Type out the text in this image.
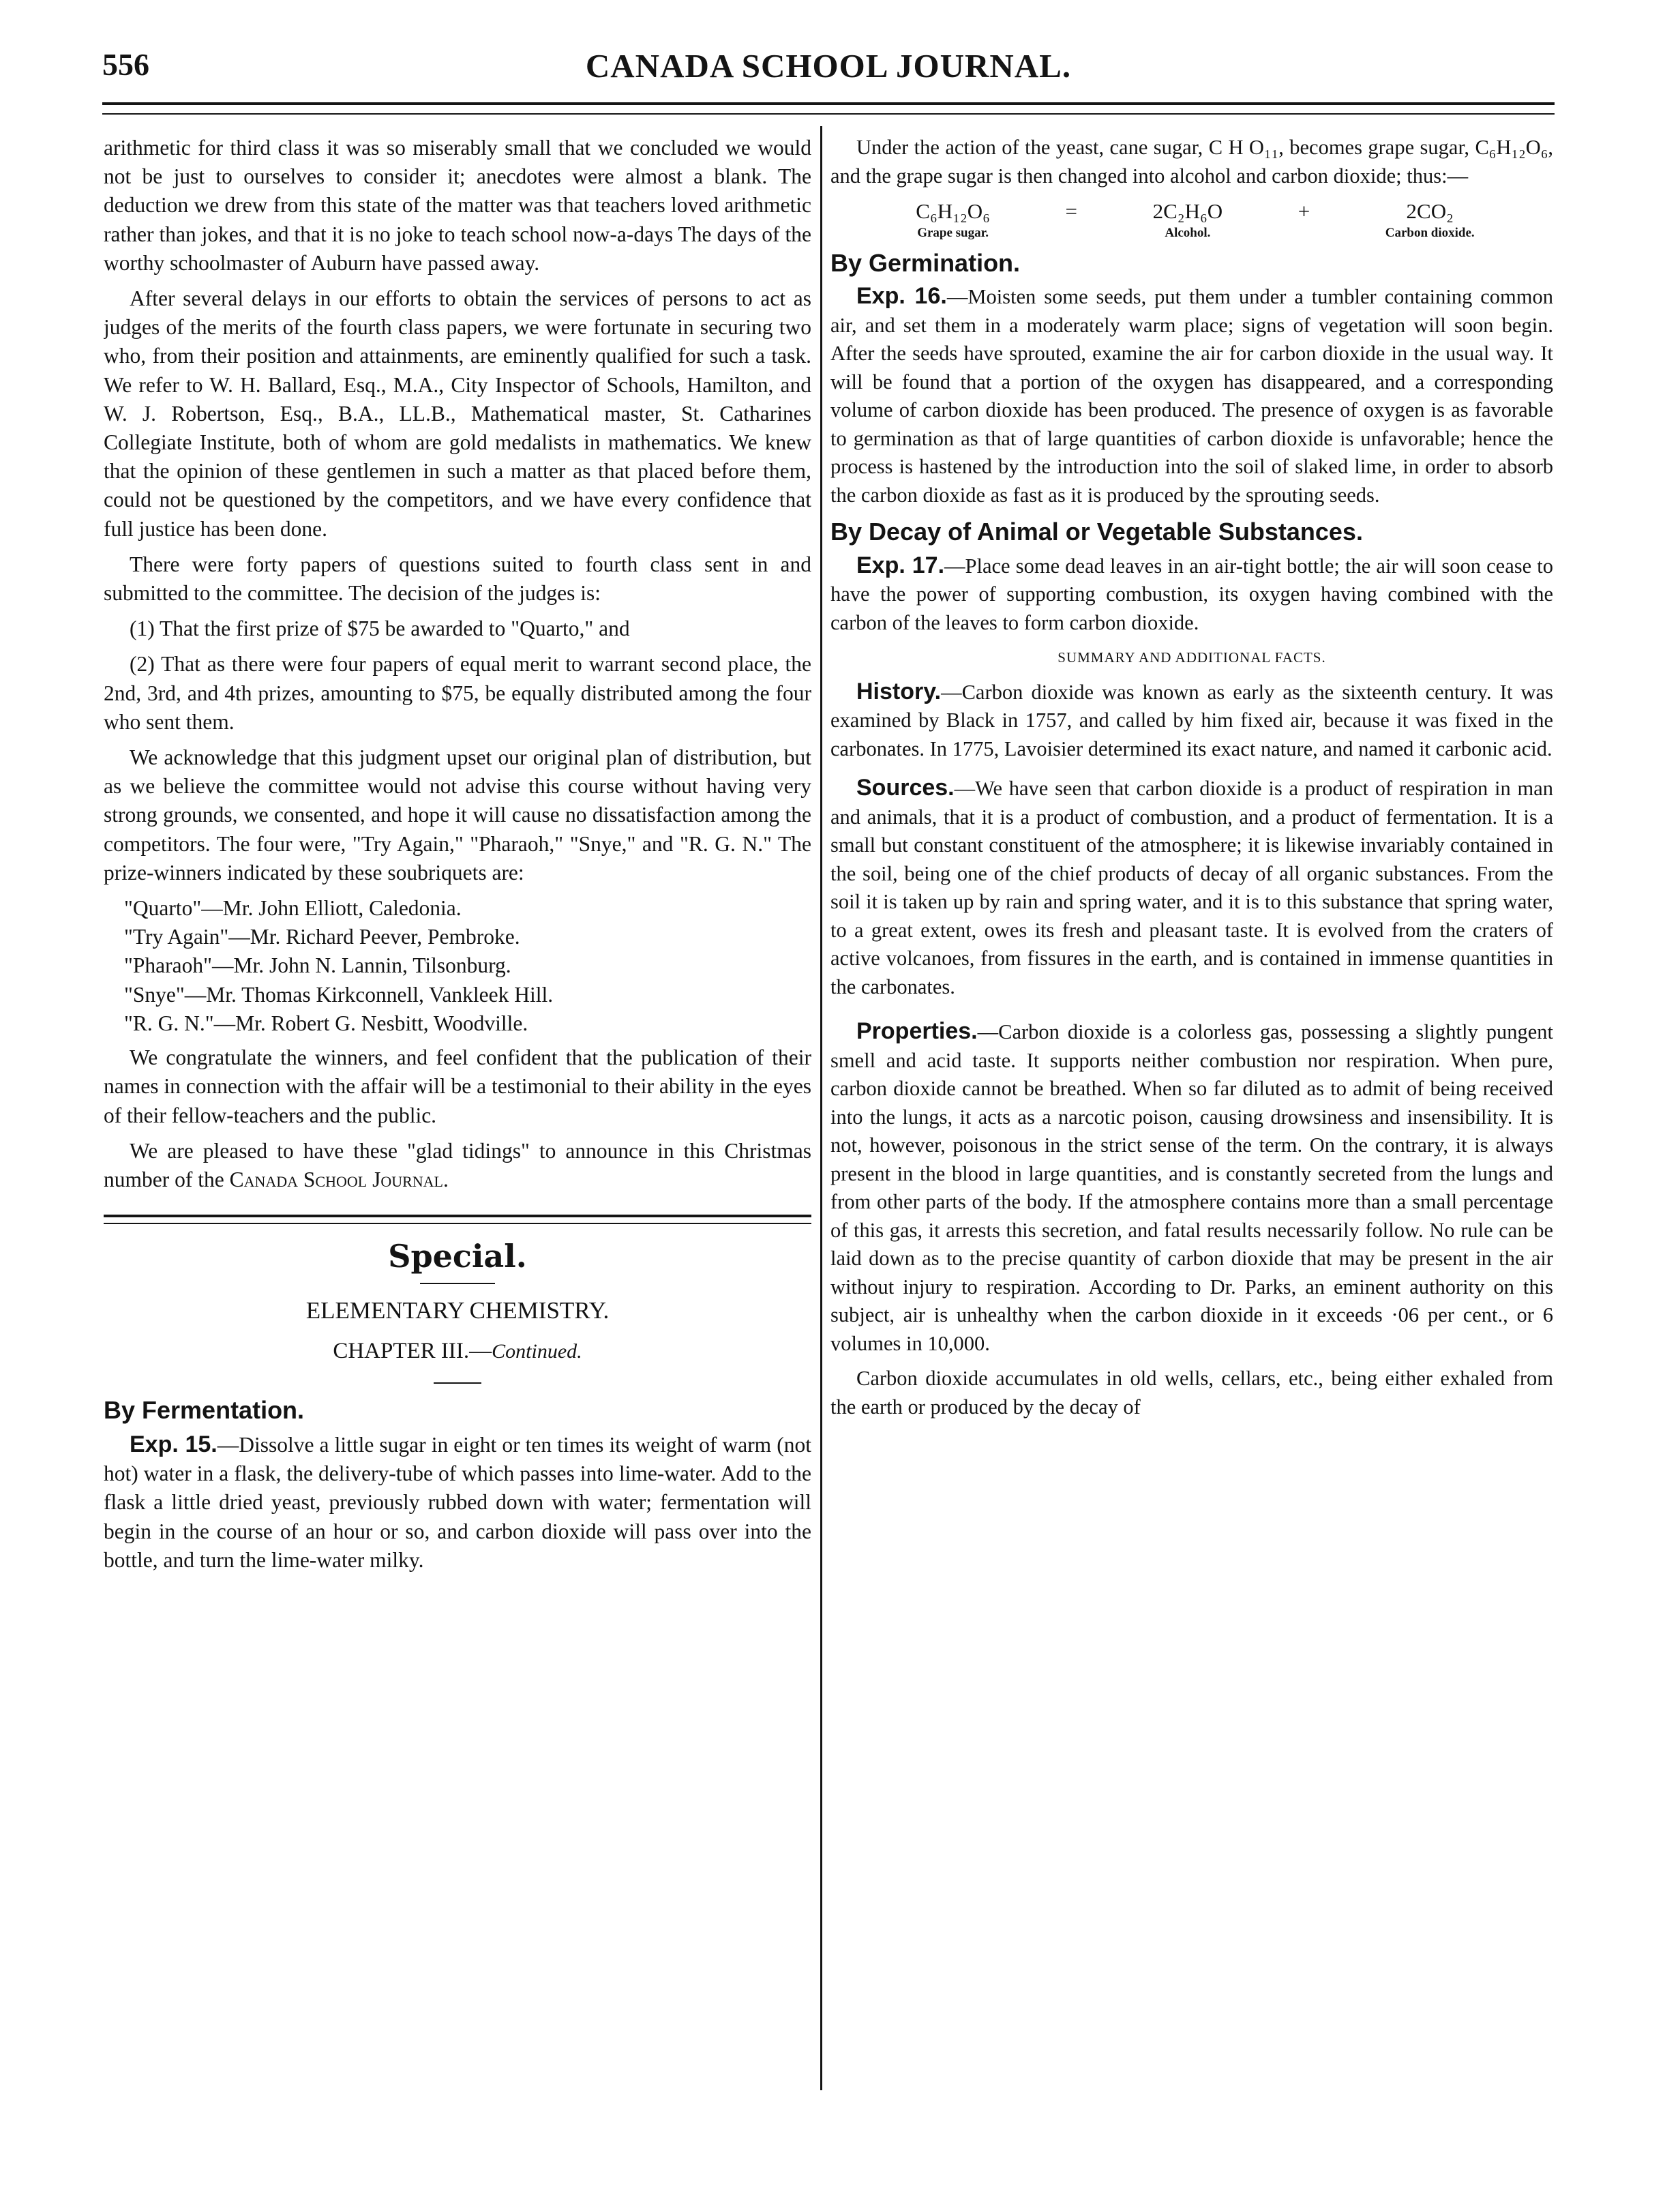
556	CANADA SCHOOL JOURNAL.

arithmetic for third class it was so miserably small that we concluded we would not be just to ourselves to consider it; anecdotes were almost a blank. The deduction we drew from this state of the matter was that teachers loved arithmetic rather than jokes, and that it is no joke to teach school now-a-days The days of the worthy schoolmaster of Auburn have passed away.

After several delays in our efforts to obtain the services of persons to act as judges of the merits of the fourth class papers, we were fortunate in securing two who, from their position and attainments, are eminently qualified for such a task. We refer to W. H. Ballard, Esq., M.A., City Inspector of Schools, Hamilton, and W. J. Robertson, Esq., B.A., LL.B., Mathematical master, St. Catharines Collegiate Institute, both of whom are gold medalists in mathematics. We knew that the opinion of these gentlemen in such a matter as that placed before them, could not be questioned by the competitors, and we have every confidence that full justice has been done.

There were forty papers of questions suited to fourth class sent in and submitted to the committee. The decision of the judges is:

(1) That the first prize of $75 be awarded to "Quarto," and

(2) That as there were four papers of equal merit to warrant second place, the 2nd, 3rd, and 4th prizes, amounting to $75, be equally distributed among the four who sent them.

We acknowledge that this judgment upset our original plan of distribution, but as we believe the committee would not advise this course without having very strong grounds, we consented, and hope it will cause no dissatisfaction among the competitors. The four were, "Try Again," "Pharaoh," "Snye," and "R. G. N." The prize-winners indicated by these soubriquets are:

"Quarto"—Mr. John Elliott, Caledonia.
"Try Again"—Mr. Richard Peever, Pembroke.
"Pharaoh"—Mr. John N. Lannin, Tilsonburg.
"Snye"—Mr. Thomas Kirkconnell, Vankleek Hill.
"R. G. N."—Mr. Robert G. Nesbitt, Woodville.

We congratulate the winners, and feel confident that the publication of their names in connection with the affair will be a testimonial to their ability in the eyes of their fellow-teachers and the public.

We are pleased to have these "glad tidings" to announce in this Christmas number of the Canada School Journal.

Special.
ELEMENTARY CHEMISTRY.
CHAPTER III.—Continued.
By Fermentation.

Exp. 15.—Dissolve a little sugar in eight or ten times its weight of warm (not hot) water in a flask, the delivery-tube of which passes into lime-water. Add to the flask a little dried yeast, previously rubbed down with water; fermentation will begin in the course of an hour or so, and carbon dioxide will pass over into the bottle, and turn the lime-water milky.

Under the action of the yeast, cane sugar, C H O₁₁, becomes grape sugar, C₆H₁₂O₆, and the grape sugar is then changed into alcohol and carbon dioxide; thus:—

C₆H₁₂O₆
Grape sugar.
=	2C₂H₆O
Alcohol.
+	2CO₂
Carbon dioxide.
By Germination.

Exp. 16.—Moisten some seeds, put them under a tumbler containing common air, and set them in a moderately warm place; signs of vegetation will soon begin. After the seeds have sprouted, examine the air for carbon dioxide in the usual way. It will be found that a portion of the oxygen has disappeared, and a corresponding volume of carbon dioxide has been produced. The presence of oxygen is as favorable to germination as that of large quantities of carbon dioxide is unfavorable; hence the process is hastened by the introduction into the soil of slaked lime, in order to absorb the carbon dioxide as fast as it is produced by the sprouting seeds.

By Decay of Animal or Vegetable Substances.

Exp. 17.—Place some dead leaves in an air-tight bottle; the air will soon cease to have the power of supporting combustion, its oxygen having combined with the carbon of the leaves to form carbon dioxide.

SUMMARY AND ADDITIONAL FACTS.

History.—Carbon dioxide was known as early as the sixteenth century. It was examined by Black in 1757, and called by him fixed air, because it was fixed in the carbonates. In 1775, Lavoisier determined its exact nature, and named it carbonic acid.

Sources.—We have seen that carbon dioxide is a product of respiration in man and animals, that it is a product of combustion, and a product of fermentation. It is a small but constant constituent of the atmosphere; it is likewise invariably contained in the soil, being one of the chief products of decay of all organic substances. From the soil it is taken up by rain and spring water, and it is to this substance that spring water, to a great extent, owes its fresh and pleasant taste. It is evolved from the craters of active volcanoes, from fissures in the earth, and is contained in immense quantities in the carbonates.

Properties.—Carbon dioxide is a colorless gas, possessing a slightly pungent smell and acid taste. It supports neither combustion nor respiration. When pure, carbon dioxide cannot be breathed. When so far diluted as to admit of being received into the lungs, it acts as a narcotic poison, causing drowsiness and insensibility. It is not, however, poisonous in the strict sense of the term. On the contrary, it is always present in the blood in large quantities, and is constantly secreted from the lungs and from other parts of the body. If the atmosphere contains more than a small percentage of this gas, it arrests this secretion, and fatal results necessarily follow. No rule can be laid down as to the precise quantity of carbon dioxide that may be present in the air without injury to respiration. According to Dr. Parks, an eminent authority on this subject, air is unhealthy when the carbon dioxide in it exceeds ·06 per cent., or 6 volumes in 10,000.

Carbon dioxide accumulates in old wells, cellars, etc., being either exhaled from the earth or produced by the decay of
